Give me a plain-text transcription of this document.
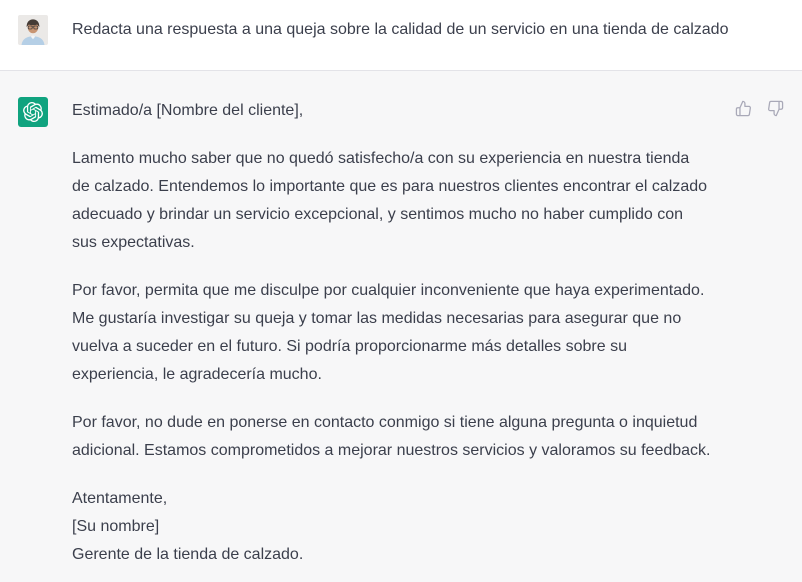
Redacta una respuesta a una queja sobre la calidad de un servicio en una tienda de calzado

Estimado/a [Nombre del cliente],

Lamento mucho saber que no quedó satisfecho/a con su experiencia en nuestra tienda de calzado. Entendemos lo importante que es para nuestros clientes encontrar el calzado adecuado y brindar un servicio excepcional, y sentimos mucho no haber cumplido con sus expectativas.

Por favor, permita que me disculpe por cualquier inconveniente que haya experimentado. Me gustaría investigar su queja y tomar las medidas necesarias para asegurar que no vuelva a suceder en el futuro. Si podría proporcionarme más detalles sobre su experiencia, le agradecería mucho.

Por favor, no dude en ponerse en contacto conmigo si tiene alguna pregunta o inquietud adicional. Estamos comprometidos a mejorar nuestros servicios y valoramos su feedback.

Atentamente,

[Su nombre]

Gerente de la tienda de calzado.
